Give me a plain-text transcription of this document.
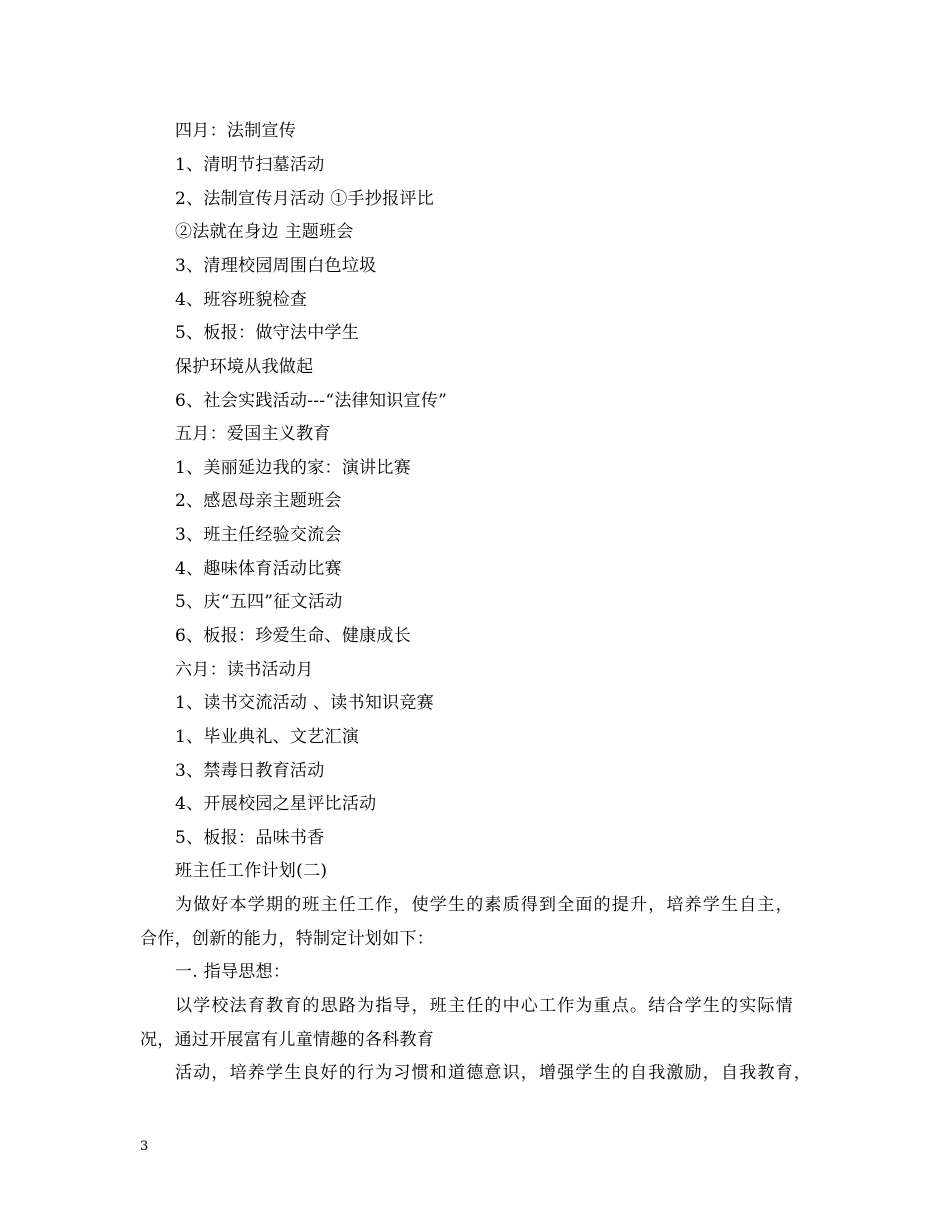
四月：法制宣传
1、清明节扫墓活动
2、法制宣传月活动 ①手抄报评比
②法就在身边 主题班会
3、清理校园周围白色垃圾
4、班容班貌检查
5、板报：做守法中学生
保护环境从我做起
6、社会实践活动---“法律知识宣传”
五月：爱国主义教育
1、美丽延边我的家：演讲比赛
2、感恩母亲主题班会
3、班主任经验交流会
4、趣味体育活动比赛
5、庆“五四”征文活动
6、板报：珍爱生命、健康成长
六月：读书活动月
1、读书交流活动 、读书知识竞赛
1、毕业典礼、文艺汇演
3、禁毒日教育活动
4、开展校园之星评比活动
5、板报：品味书香
班主任工作计划(二)
为做好本学期的班主任工作，使学生的素质得到全面的提升，培养学生自主，
合作，创新的能力，特制定计划如下：
一. 指导思想：
以学校法育教育的思路为指导，班主任的中心工作为重点。结合学生的实际情
况，通过开展富有儿童情趣的各科教育
活动，培养学生良好的行为习惯和道德意识，增强学生的自我激励，自我教育，
3
